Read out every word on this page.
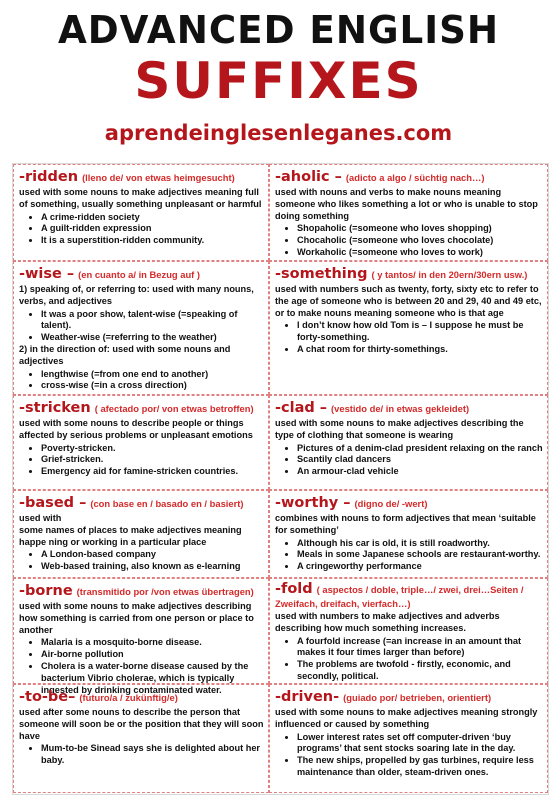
ADVANCED ENGLISH
SUFFIXES
aprendeinglesenleganes.com
-ridden (lleno de/ von etwas heimgesucht)
used with some nouns to make adjectives meaning full of something, usually something unpleasant or harmful
• A crime-ridden society
• A guilt-ridden expression
• It is a superstition-ridden community.
-aholic – (adicto a algo / süchtig nach…)
used with nouns and verbs to make nouns meaning someone who likes something a lot or who is unable to stop doing something
• Shopaholic (=someone who loves shopping)
• Chocaholic (=someone who loves chocolate)
• Workaholic (=someone who loves to work)
-wise – (en cuanto a/ in Bezug auf )
1) speaking of, or referring to: used with many nouns, verbs, and adjectives
• It was a poor show, talent-wise (=speaking of talent).
• Weather-wise (=referring to the weather)
2) in the direction of: used with some nouns and adjectives
• lengthwise (=from one end to another)
• cross-wise (=in a cross direction)
-something ( y tantos/ in den 20ern/30ern usw.)
used with numbers such as twenty, forty, sixty etc to refer to the age of someone who is between 20 and 29, 40 and 49 etc, or to make nouns meaning someone who is that age
• I don’t know how old Tom is – I suppose he must be forty-something.
• A chat room for thirty-somethings.
-stricken ( afectado por/ von etwas betroffen)
used with some nouns to describe people or things affected by serious problems or unpleasant emotions
• Poverty-stricken.
• Grief-stricken.
• Emergency aid for famine-stricken countries.
-clad – (vestido de/ in etwas gekleidet)
used with some nouns to make adjectives describing the type of clothing that someone is wearing
• Pictures of a denim-clad president relaxing on the ranch
• Scantily clad dancers
• An armour-clad vehicle
-based – (con base en / basado en / basiert)
used with
some names of places to make adjectives meaning happe ning or working in a particular place
• A London-based company
• Web-based training, also known as e-learning
-worthy – (digno de/ -wert)
combines with nouns to form adjectives that mean ‘suitable for something’
• Although his car is old, it is still roadworthy.
• Meals in some Japanese schools are restaurant-worthy.
• A cringeworthy performance
-borne (transmitido por /von etwas übertragen)
used with some nouns to make adjectives describing how something is carried from one person or place to another
• Malaria is a mosquito-borne disease.
• Air-borne pollution
• Cholera is a water-borne disease caused by the bacterium Vibrio cholerae, which is typically ingested by drinking contaminated water.
-fold ( aspectos / doble, triple…/ zwei, drei…Seiten / Zweifach, dreifach, vierfach…)
used with numbers to make adjectives and adverbs describing how much something increases.
• A fourfold increase (=an increase in an amount that makes it four times larger than before)
• The problems are twofold - firstly, economic, and secondly, political.
-to-be– (futuro/a / zukünftig/e)
used after some nouns to describe the person that someone will soon be or the position that they will soon have
• Mum-to-be Sinead says she is delighted about her baby.
-driven- (guiado por/ betrieben, orientiert)
used with some nouns to make adjectives meaning strongly influenced or caused by something
• Lower interest rates set off computer-driven ‘buy programs’ that sent stocks soaring late in the day.
• The new ships, propelled by gas turbines, require less maintenance than older, steam-driven ones.
